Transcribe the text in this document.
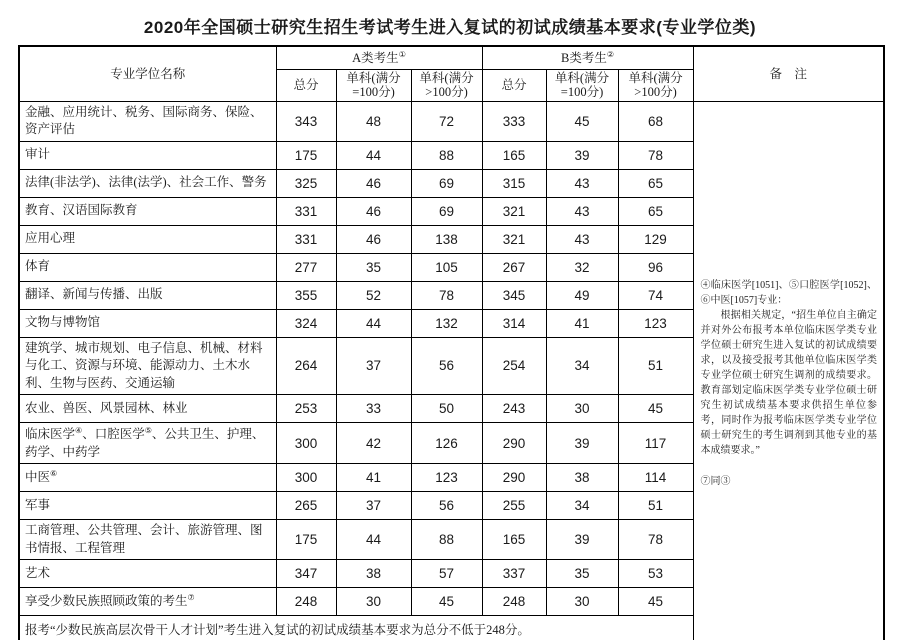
2020年全国硕士研究生招生考试考生进入复试的初试成绩基本要求(专业学位类)
专业学位名称	A类考生①			B类考生②			备　注
	总分	单科(满分=100分)	单科(满分>100分)	总分	单科(满分=100分)	单科(满分>100分)	
金融、应用统计、税务、国际商务、保险、资产评估	343	48	72	333	45	68	④临床医学[1051]、⑤口腔医学[1052]、⑥中医[1057]专业：
根据相关规定，“招生单位自主确定并对外公布报考本单位临床医学类专业学位硕士研究生进入复试的初试成绩要求，以及接受报考其他单位临床医学类专业学位硕士研究生调剂的成绩要求。教育部划定临床医学类专业学位硕士研究生初试成绩基本要求供招生单位参考，同时作为报考临床医学类专业学位硕士研究生的考生调剂到其他专业的基本成绩要求。”
⑦同③

审计	175	44	88	165	39	78	
法律(非法学)、法律(法学)、社会工作、警务	325	46	69	315	43	65	
教育、汉语国际教育	331	46	69	321	43	65	
应用心理	331	46	138	321	43	129	
体育	277	35	105	267	32	96	
翻译、新闻与传播、出版	355	52	78	345	49	74	
文物与博物馆	324	44	132	314	41	123	
建筑学、城市规划、电子信息、机械、材料与化工、资源与环境、能源动力、土木水利、生物与医药、交通运输	264	37	56	254	34	51	
农业、兽医、风景园林、林业	253	33	50	243	30	45	
临床医学④、口腔医学⑤、公共卫生、护理、药学、中药学	300	42	126	290	39	117	
中医⑥	300	41	123	290	38	114	
军事	265	37	56	255	34	51	
工商管理、公共管理、会计、旅游管理、图书情报、工程管理	175	44	88	165	39	78	
艺术	347	38	57	337	35	53	
享受少数民族照顾政策的考生⑦	248	30	45	248	30	45	
报考“少数民族高层次骨干人才计划”考生进入复试的初试成绩基本要求为总分不低于248分。							
